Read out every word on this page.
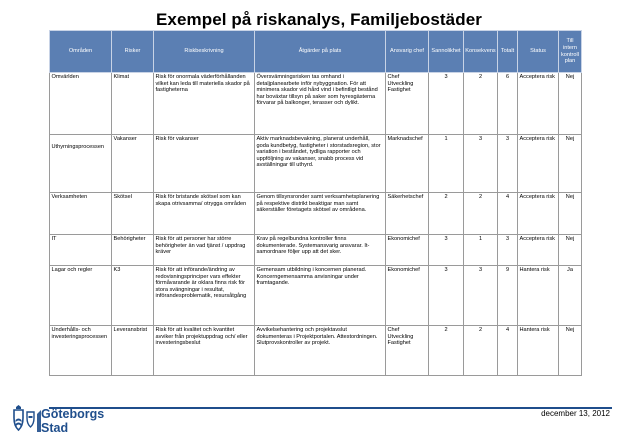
Exempel på riskanalys, Familjebostäder
Områden	Risker	Riskbeskrivning	Åtgärder på plats	Ansvarig chef	Sannolikhet	Konsekvens	Totalt	Status	Till intern kontroll plan
Omvärlden	Klimat	Risk för onormala väderförhållanden vilket kan leda till materiella skador på fastigheterna	Översvämningsrisken tas omhand i detaljplanearbete inför nybyggnation. För att minimera skador vid hård vind i befintligt bestånd har boväxtar tillsyn på saker som hyresgästerna förvarar på balkonger, terasser och dylikt.	Chef Utveckling Fastighet	3	2	6	Acceptera risk	Nej

Uthyrningsprocessen	Vakanser	Risk för vakanser	Aktiv marknadsbevakning, planerat underhåll, goda kundbetyg, fastigheter i storstadsregion, stor variation i beståndet, tydliga rapporter och uppföljning av vakanser, snabb process vid avställningar till uthyrd.	Marknadschef	1	3	3	Acceptera risk	Nej
Verksamheten	Skötsel	Risk för bristande skötsel som kan skapa otrivsamma/ otrygga områden	Genom tillsynsronder samt verksamhetsplanering på respektive distrikt beaktigar man samt säkerställer företagets skötsel av områdena.	Säkerhetschef	2	2	4	Acceptera risk	Nej
IT	Behörigheter	Risk för att personer har större behörigheter än vad tjänst / uppdrag kräver	Krav på regelbundna kontroller finns dokumenterade. Systemansvarig ansvarar. It-samordnare följer upp att det sker.	Ekonomichef	3	1	3	Acceptera risk	Nej
Lagar och regler	K3	Risk för att införande/ändring av redovisningsprinciper vars effekter förmåvarande är oklara finns risk för stora svängningar i resultat, införandesproblematik, resursåtgång	Gemensam utbildning i koncernen planerad. Koncerngemensamma anvisningar under framtagande.	Ekonomichef	3	3	9	Hantera risk	Ja
Underhålls- och investeringsprocessen	Leveransbrist	Risk för att kvalitet och kvantitet avviker från projektuppdrag och/ eller investeringsbeslut	Avvikelsehantering och projektavslut dokumenteras i Projektportalen. Attestordningen. Slutprovskontroller av projekt.	Chef Utveckling Fastighet	2	2	4	Hantera risk	Nej
Göteborgs
Stad
december 13, 2012
